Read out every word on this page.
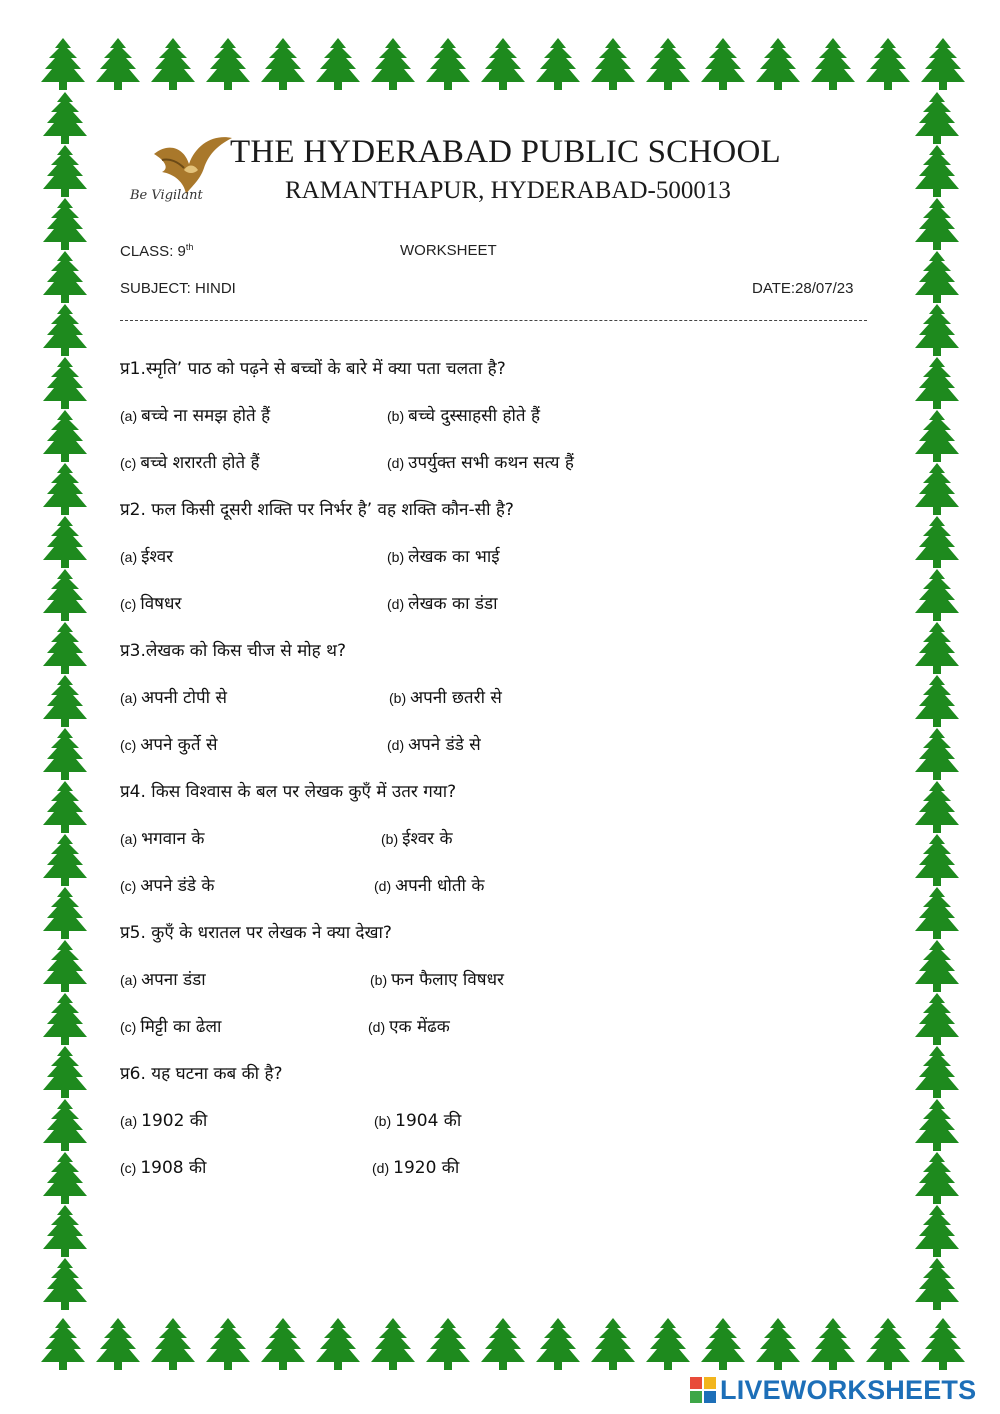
Be Vigilant
THE HYDERABAD PUBLIC SCHOOL
RAMANTHAPUR, HYDERABAD-500013
CLASS: 9th	WORKSHEET
SUBJECT: HINDI	DATE:28/07/23
प्र1.स्मृति’ पाठ को पढ़ने से बच्चों के बारे में क्या पता चलता है?
(a) बच्चे ना समझ होते हैं	(b) बच्चे दुस्साहसी होते हैं
(c) बच्चे शरारती होते हैं	(d) उपर्युक्त सभी कथन सत्य हैं
प्र2. फल किसी दूसरी शक्ति पर निर्भर है’ वह शक्ति कौन-सी है?
(a) ईश्वर	(b) लेखक का भाई
(c) विषधर	(d) लेखक का डंडा
प्र3.लेखक को किस चीज से मोह थ?
(a) अपनी टोपी से	(b) अपनी छतरी से
(c) अपने कुर्ते से	(d) अपने डंडे से
प्र4. किस विश्वास के बल पर लेखक कुएँ में उतर गया?
(a) भगवान के	(b) ईश्वर के
(c) अपने डंडे के	(d) अपनी धोती के
प्र5. कुएँ के धरातल पर लेखक ने क्या देखा?
(a) अपना डंडा	(b) फन फैलाए विषधर
(c) मिट्टी का ढेला	(d) एक मेंढक
प्र6. यह घटना कब की है?
(a) 1902 की	(b) 1904 की
(c) 1908 की	(d) 1920 की
LIVEWORKSHEETS
